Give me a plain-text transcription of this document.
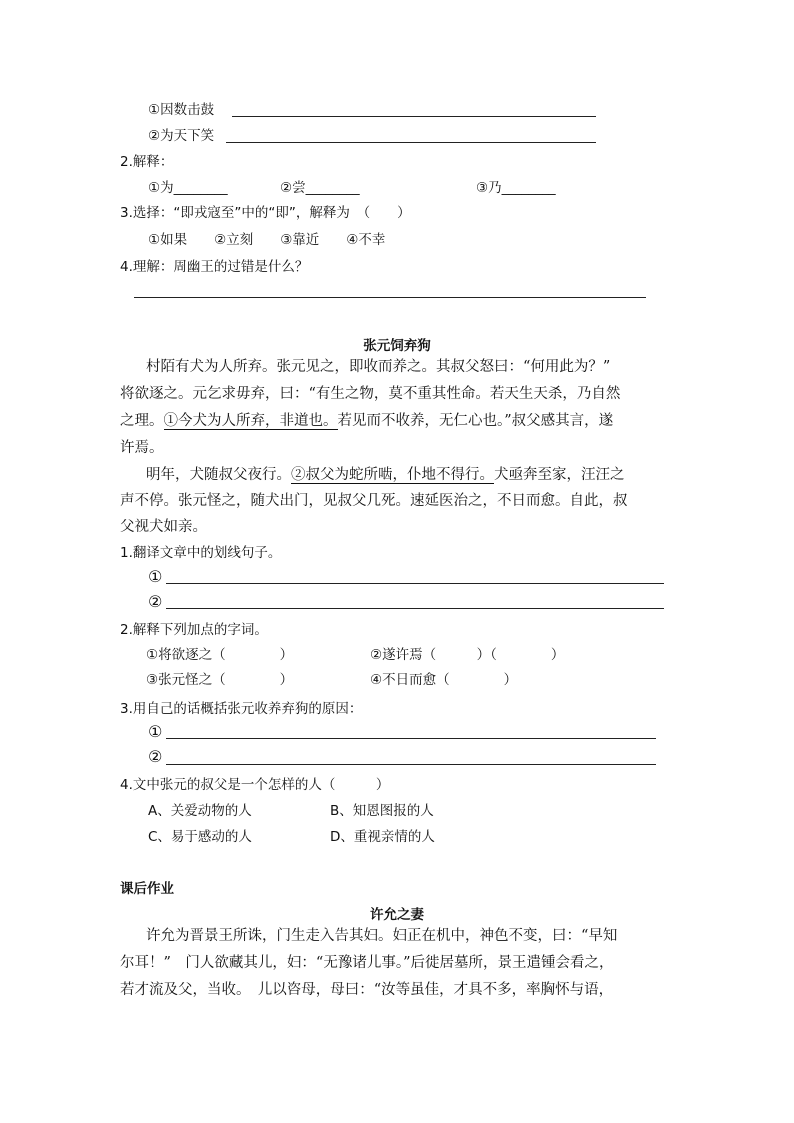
①因数击鼓
②为天下笑
2.解释：
①为________	②尝________	③乃________
3.选择：“即戎寇至”中的“即”，解释为　（　　）
①如果　　②立刻　　③靠近　　④不幸
4.理解：周幽王的过错是什么？
张元饲弃狗
村陌有犬为人所弃。张元见之，即收而养之。其叔父怒曰：“何用此为？”
将欲逐之。元乞求毋弃，曰：“有生之物，莫不重其性命。若天生天杀，乃自然
之理。①今犬为人所弃，非道也。若见而不收养，无仁心也。”叔父感其言，遂
许焉。
明年，犬随叔父夜行。②叔父为蛇所啮，仆地不得行。犬亟奔至家，汪汪之
声不停。张元怪之，随犬出门，见叔父几死。速延医治之，不日而愈。自此，叔
父视犬如亲。
1.翻译文章中的划线句子。
①
②
2.解释下列加点的字词。
①将欲逐之（　　　　）	②遂许焉（　　　）（　　　　）
③张元怪之（　　　　）	④不日而愈（　　　　）
3.用自己的话概括张元收养弃狗的原因：
①
②
4.文中张元的叔父是一个怎样的人（　　　）
A、关爱动物的人	B、知恩图报的人
C、易于感动的人	D、重视亲情的人
课后作业
许允之妻
许允为晋景王所诛，门生走入告其妇。妇正在机中，神色不变，曰：“早知
尔耳！”　门人欲藏其儿，妇：“无豫诸儿事。”后徙居墓所，景王遣锺会看之，
若才流及父，当收。　儿以咨母，母曰：“汝等虽佳，才具不多，率胸怀与语，
